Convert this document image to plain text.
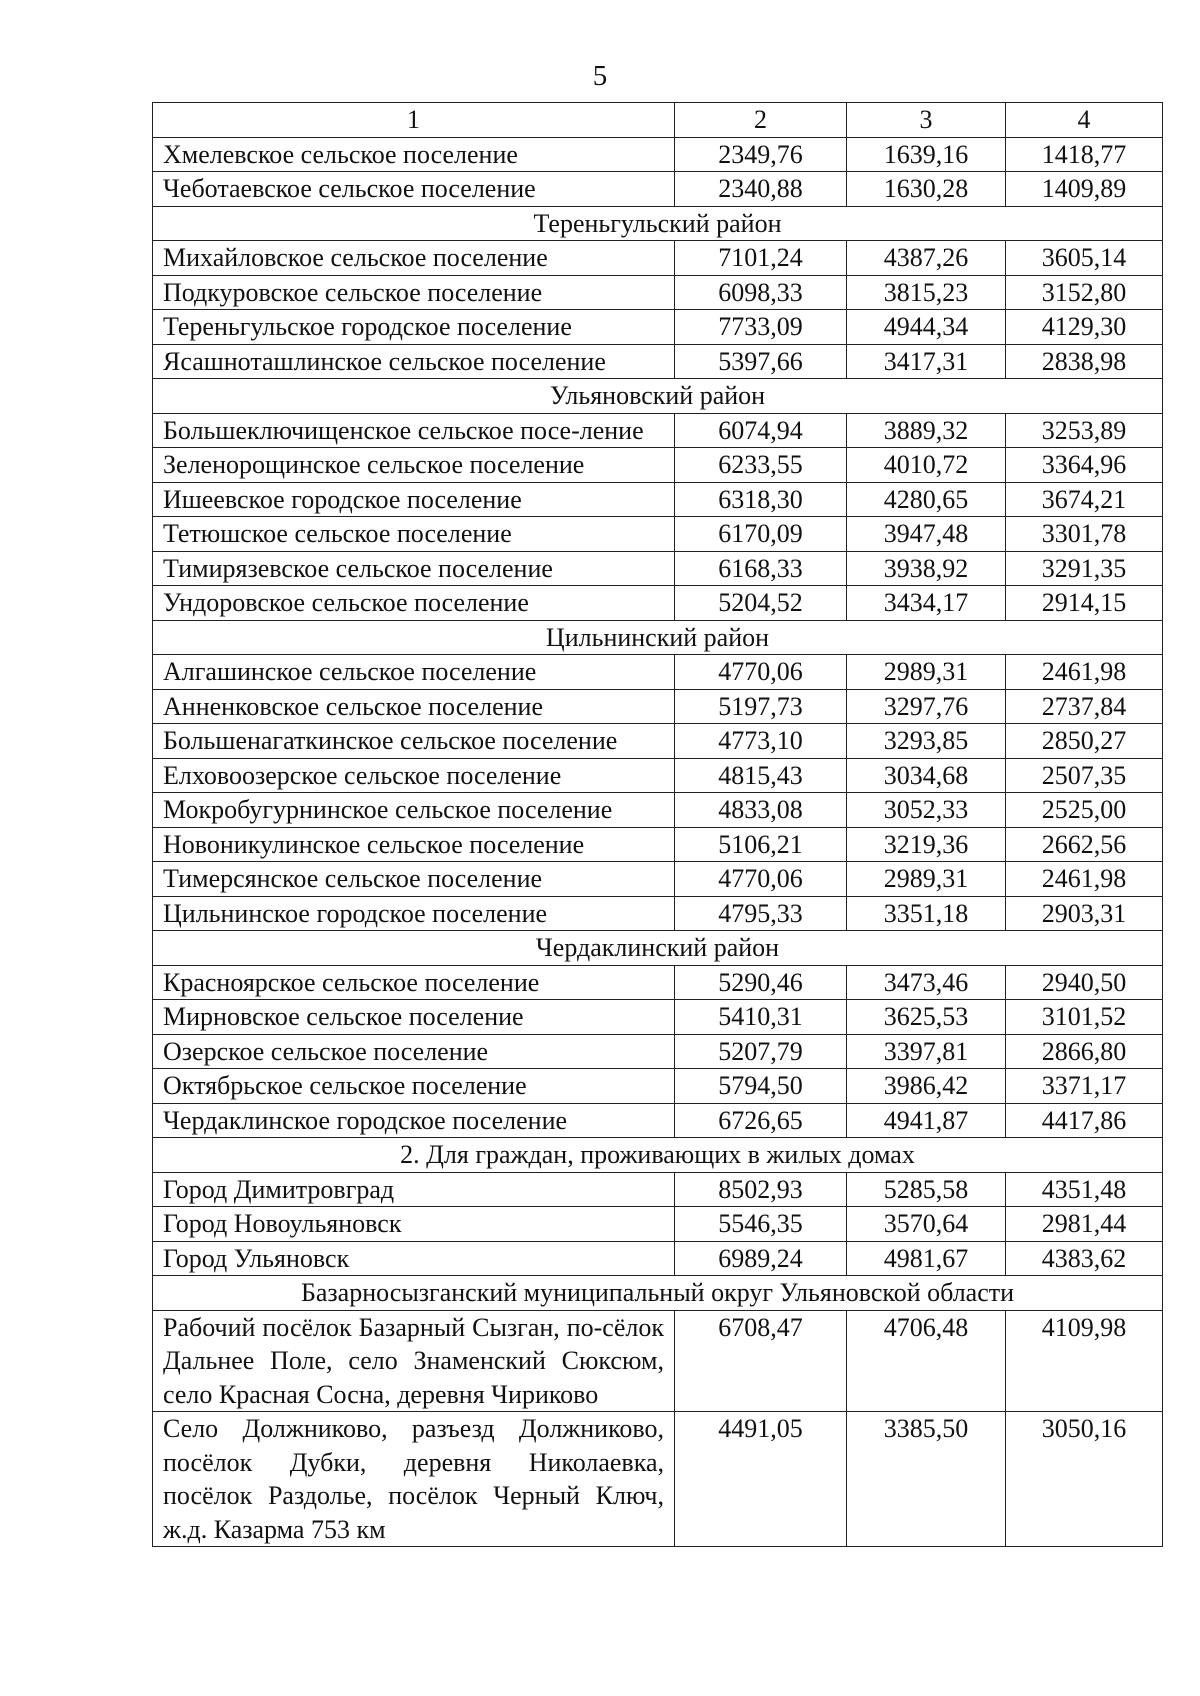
5
1	2	3	4
Хмелевское сельское поселение	2349,76	1639,16	1418,77
Чеботаевское сельское поселение	2340,88	1630,28	1409,89
Тереньгульский район			
Михайловское сельское поселение	7101,24	4387,26	3605,14
Подкуровское сельское поселение	6098,33	3815,23	3152,80
Тереньгульское городское поселение	7733,09	4944,34	4129,30
Ясашноташлинское сельское поселение	5397,66	3417,31	2838,98
Ульяновский район			
Большеключищенское сельское посе-ление	6074,94	3889,32	3253,89
Зеленорощинское сельское поселение	6233,55	4010,72	3364,96
Ишеевское городское поселение	6318,30	4280,65	3674,21
Тетюшское сельское поселение	6170,09	3947,48	3301,78
Тимирязевское сельское поселение	6168,33	3938,92	3291,35
Ундоровское сельское поселение	5204,52	3434,17	2914,15
Цильнинский район			
Алгашинское сельское поселение	4770,06	2989,31	2461,98
Анненковское сельское поселение	5197,73	3297,76	2737,84
Большенагаткинское сельское поселение	4773,10	3293,85	2850,27
Елховоозерское сельское поселение	4815,43	3034,68	2507,35
Мокробугурнинское сельское поселение	4833,08	3052,33	2525,00
Новоникулинское сельское поселение	5106,21	3219,36	2662,56
Тимерсянское сельское поселение	4770,06	2989,31	2461,98
Цильнинское городское поселение	4795,33	3351,18	2903,31
Чердаклинский район			
Красноярское сельское поселение	5290,46	3473,46	2940,50
Мирновское сельское поселение	5410,31	3625,53	3101,52
Озерское сельское поселение	5207,79	3397,81	2866,80
Октябрьское сельское поселение	5794,50	3986,42	3371,17
Чердаклинское городское поселение	6726,65	4941,87	4417,86
2. Для граждан, проживающих в жилых домах			
Город Димитровград	8502,93	5285,58	4351,48
Город Новоульяновск	5546,35	3570,64	2981,44
Город Ульяновск	6989,24	4981,67	4383,62
Базарносызганский муниципальный округ Ульяновской области			
Рабочий посёлок Базарный Сызган, по-сёлок Дальнее Поле, село Знаменский Сюксюм, село Красная Сосна, деревня Чириково	6708,47	4706,48	4109,98
Село Должниково, разъезд Должниково, посёлок Дубки, деревня Николаевка, посёлок Раздолье, посёлок Черный Ключ, ж.д. Казарма 753 км	4491,05	3385,50	3050,16
